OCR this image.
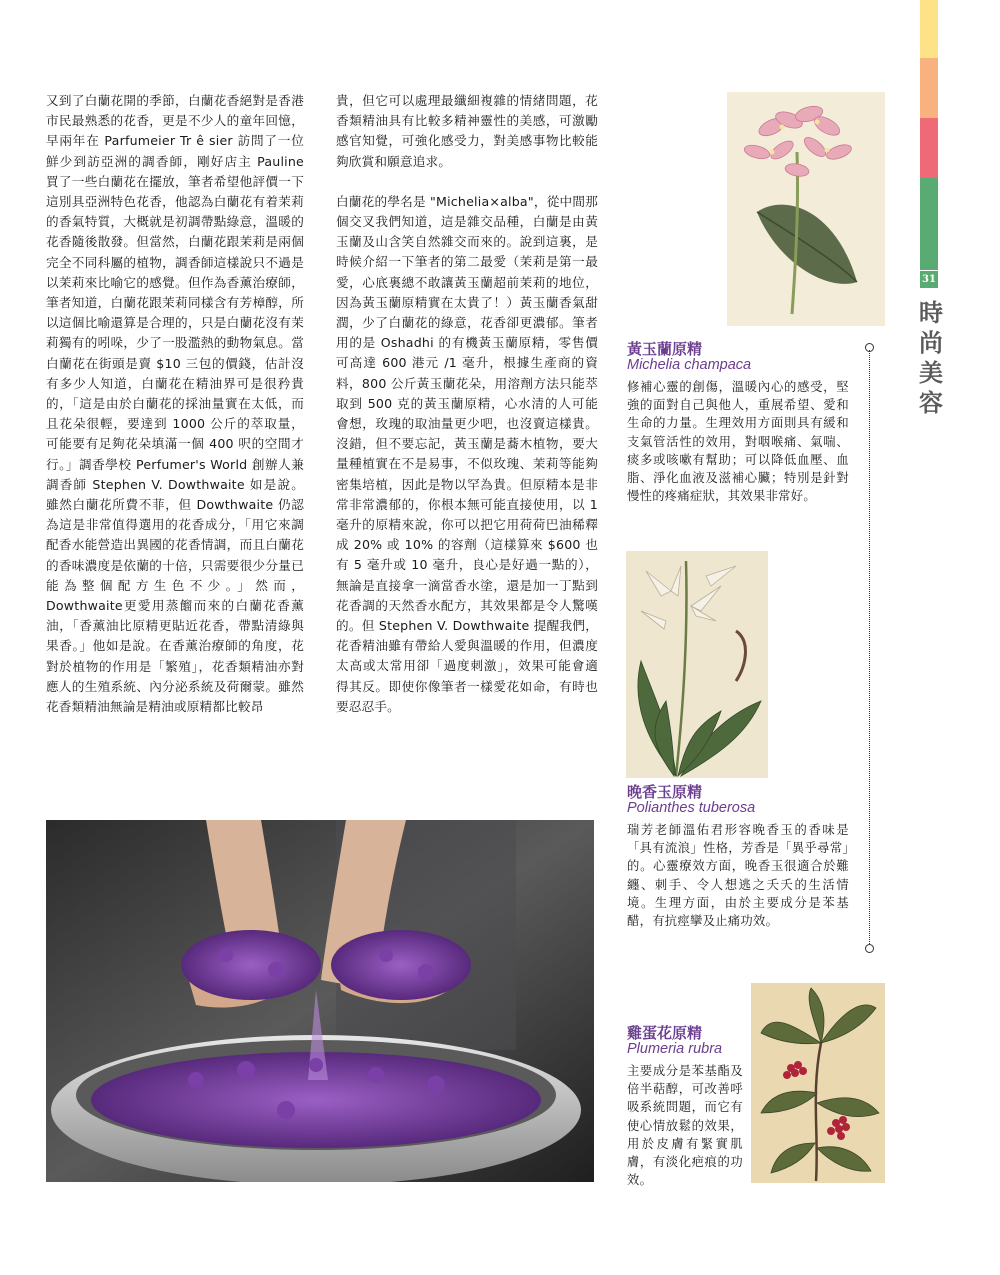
又到了白蘭花開的季節，白蘭花香絕對是香港市民最熟悉的花香，更是不少人的童年回憶，早兩年在 Parfumeier Tr ê sier 訪問了一位鮮少到訪亞洲的調香師，剛好店主 Pauline 買了一些白蘭花在擺放，筆者希望他評價一下這別具亞洲特色花香，他認為白蘭花有着茉莉的香氣特質，大概就是初調帶點綠意，溫暖的花香隨後散發。但當然，白蘭花跟茉莉是兩個完全不同科屬的植物，調香師這樣說只不過是以茉莉來比喻它的感覺。但作為香薰治療師，筆者知道，白蘭花跟茉莉同樣含有芳樟醇，所以這個比喻還算是合理的，只是白蘭花沒有茉莉獨有的吲哚，少了一股濫熱的動物氣息。當白蘭花在街頭是賣 $10 三包的價錢，估計沒有多少人知道，白蘭花在精油界可是很矜貴的，「這是由於白蘭花的採油量實在太低，而且花朵很輕，要達到 1000 公斤的萃取量，可能要有足夠花朵填滿一個 400 呎的空間才行。」調香學校 Perfumer's World 創辦人兼調香師 Stephen V. Dowthwaite 如是說。雖然白蘭花所費不菲，但 Dowthwaite 仍認為這是非常值得選用的花香成分，「用它來調配香水能營造出異國的花香情調，而且白蘭花的香味濃度是依蘭的十倍，只需要很少分量已能為整個配方生色不少。」然而，Dowthwaite更愛用蒸餾而來的白蘭花香薰油，「香薰油比原精更貼近花香，帶點清綠與果香。」他如是說。在香薰治療師的角度，花對於植物的作用是「繁殖」，花香類精油亦對應人的生殖系統、內分泌系統及荷爾蒙。雖然花香類精油無論是精油或原精都比較昂

貴，但它可以處理最纖細複雜的情緒問題，花香類精油具有比較多精神靈性的美感，可激勵感官知覺，可強化感受力，對美感事物比較能夠欣賞和願意追求。

白蘭花的學名是 "Michelia×alba"，從中間那個交叉我們知道，這是雜交品種，白蘭是由黃玉蘭及山含笑自然雜交而來的。說到這裏，是時候介紹一下筆者的第二最愛（茉莉是第一最愛，心底裏總不敢讓黃玉蘭超前茉莉的地位，因為黃玉蘭原精實在太貴了！）黃玉蘭香氣甜潤，少了白蘭花的綠意，花香卻更濃郁。筆者用的是 Oshadhi 的有機黃玉蘭原精，零售價可高達 600 港元 /1 毫升，根據生產商的資料，800 公斤黃玉蘭花朵，用溶劑方法只能萃取到 500 克的黃玉蘭原精，心水清的人可能會想，玫瑰的取油量更少吧，也沒賣這樣貴。沒錯，但不要忘記，黃玉蘭是蕎木植物，要大量種植實在不是易事，不似玫瑰、茉莉等能夠密集培植，因此是物以罕為貴。但原精本是非常非常濃郁的，你根本無可能直接使用，以 1 毫升的原精來說，你可以把它用荷荷巴油稀釋成 20% 或 10% 的容劑（這樣算來 $600 也有 5 毫升或 10 毫升，良心是好過一點的），無論是直接拿一滴當香水塗，還是加一丁點到花香調的天然香水配方，其效果都是令人驚嘆的。但 Stephen V. Dowthwaite 提醒我們，花香精油雖有帶給人愛與溫暖的作用，但濃度太高或太常用卻「過度刺激」，效果可能會適得其反。即使你像筆者一樣愛花如命，有時也要忍忍手。

31
時
尚
美
容
黃玉蘭原精
Michelia champaca
修補心靈的創傷，溫暖內心的感受，堅強的面對自己與他人，重展希望、愛和生命的力量。生理效用方面則具有緩和支氣管活性的效用，對咽喉痛、氣喘、痰多或咳嗽有幫助；可以降低血壓、血脂、淨化血液及滋補心臟；特別是針對慢性的疼痛症狀，其效果非常好。
晚香玉原精
Polianthes tuberosa
瑞芳老師溫佑君形容晚香玉的香味是「具有流浪」性格，芳香是「異乎尋常」的。心靈療效方面，晚香玉很適合於難纏、刺手、令人想逃之夭夭的生活情境。生理方面，由於主要成分是苯基醋，有抗痙攣及止痛功效。
雞蛋花原精
Plumeria rubra
主要成分是苯基酯及倍半萜醇，可改善呼吸系統問題，而它有使心情放鬆的效果，用於皮膚有緊實肌膚，有淡化疤痕的功效。
